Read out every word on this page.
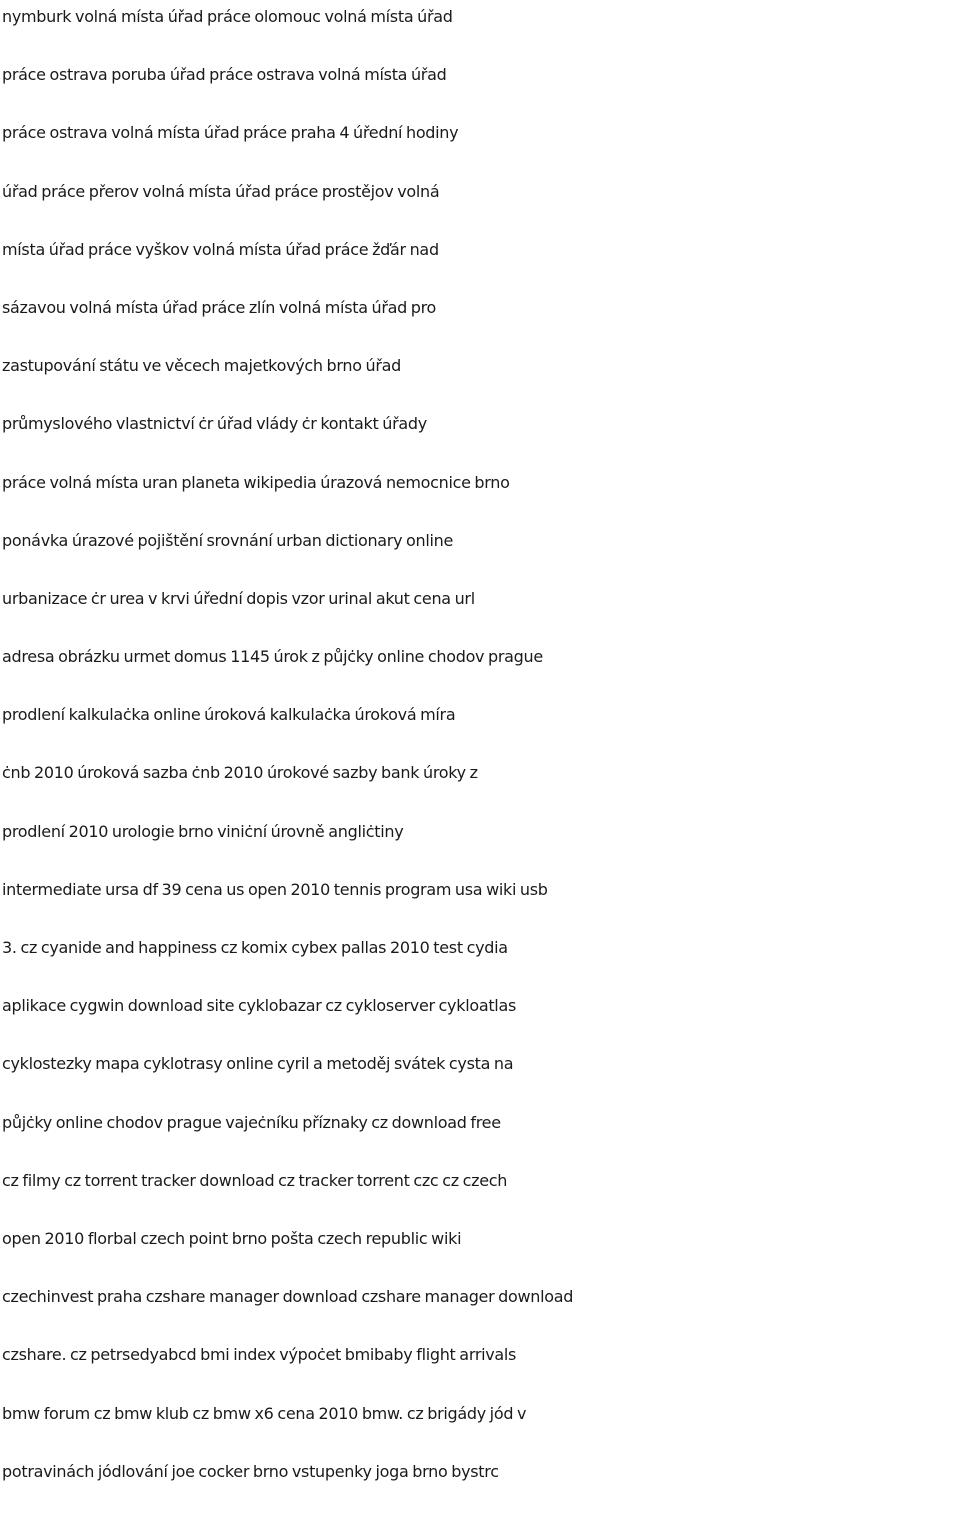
nymburk volná místa úřad práce olomouc volná místa úřad
práce ostrava poruba úřad práce ostrava volná místa úřad
práce ostrava volná místa úřad práce praha 4 úřední hodiny
úřad práce přerov volná místa úřad práce prostějov volná
místa úřad práce vyškov volná místa úřad práce žďár nad
sázavou volná místa úřad práce zlín volná místa úřad pro
zastupování státu ve věcech majetkových brno úřad
průmyslového vlastnictví ċr úřad vlády ċr kontakt úřady
práce volná místa uran planeta wikipedia úrazová nemocnice brno
ponávka úrazové pojištění srovnání urban dictionary online
urbanizace ċr urea v krvi úřední dopis vzor urinal akut cena url
adresa obrázku urmet domus 1145 úrok z půjċky online chodov prague
prodlení kalkulaċka online úroková kalkulaċka úroková míra
ċnb 2010 úroková sazba ċnb 2010 úrokové sazby bank úroky z
prodlení 2010 urologie brno viniċní úrovně angliċtiny
intermediate ursa df 39 cena us open 2010 tennis program usa wiki usb
3. cz cyanide and happiness cz komix cybex pallas 2010 test cydia
aplikace cygwin download site cyklobazar cz cykloserver cykloatlas
cyklostezky mapa cyklotrasy online cyril a metoděj svátek cysta na
půjċky online chodov prague vajeċníku příznaky cz download free
cz filmy cz torrent tracker download cz tracker torrent czc cz czech
open 2010 florbal czech point brno pošta czech republic wiki
czechinvest praha czshare manager download czshare manager download
czshare. cz petrsedyabcd bmi index výpoċet bmibaby flight arrivals
bmw forum cz bmw klub cz bmw x6 cena 2010 bmw. cz brigády jód v
potravinách jódlování joe cocker brno vstupenky joga brno bystrc
